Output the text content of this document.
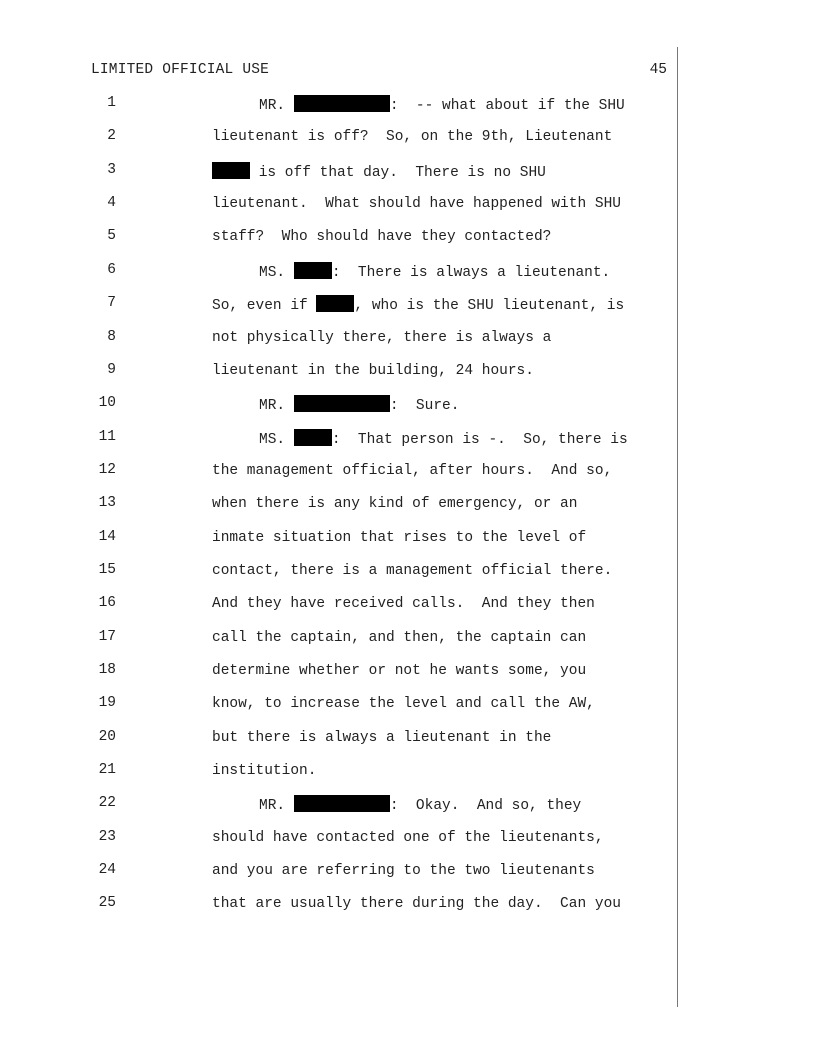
LIMITED OFFICIAL USE	45
1	MR.	:  -- what about if the SHU
2	lieutenant is off?  So, on the 9th, Lieutenant
3	is off that day.  There is no SHU
4	lieutenant.  What should have happened with SHU
5	staff?  Who should have they contacted?
6	MS.	:  There is always a lieutenant.
7	So, even if	, who is the SHU lieutenant, is
8	not physically there, there is always a
9	lieutenant in the building, 24 hours.
10	MR.	:  Sure.
11	MS.	:  That person is -.  So, there is
12	the management official, after hours.  And so,
13	when there is any kind of emergency, or an
14	inmate situation that rises to the level of
15	contact, there is a management official there.
16	And they have received calls.  And they then
17	call the captain, and then, the captain can
18	determine whether or not he wants some, you
19	know, to increase the level and call the AW,
20	but there is always a lieutenant in the
21	institution.
22	MR.	:  Okay.  And so, they
23	should have contacted one of the lieutenants,
24	and you are referring to the two lieutenants
25	that are usually there during the day.  Can you
